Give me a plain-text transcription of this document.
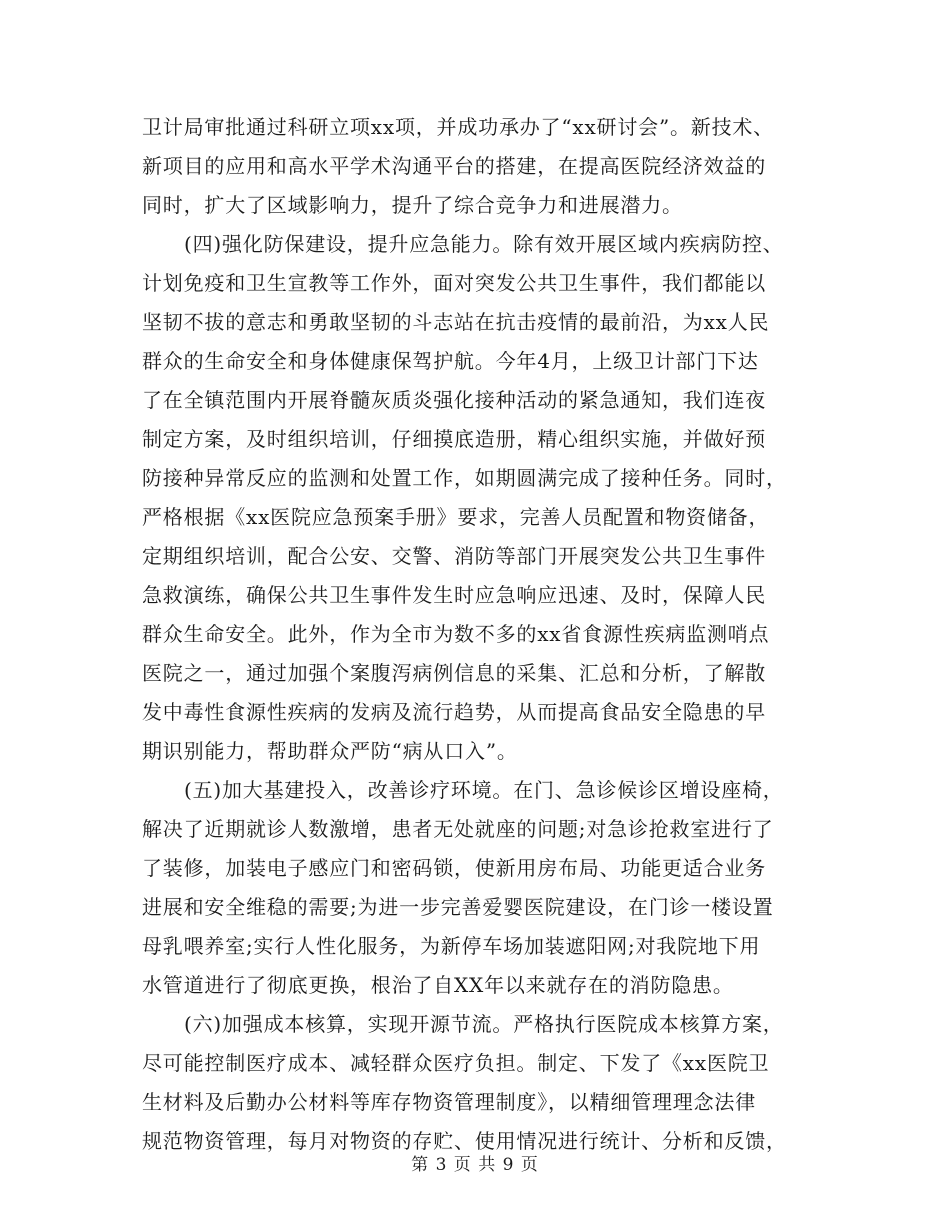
卫计局审批通过科研立项xx项，并成功承办了“xx研讨会”。新技术、
新项目的应用和高水平学术沟通平台的搭建，在提高医院经济效益的
同时，扩大了区域影响力，提升了综合竞争力和进展潜力。
(四)强化防保建设，提升应急能力。除有效开展区域内疾病防控、
计划免疫和卫生宣教等工作外，面对突发公共卫生事件，我们都能以
坚韧不拔的意志和勇敢坚韧的斗志站在抗击疫情的最前沿，为xx人民
群众的生命安全和身体健康保驾护航。今年4月，上级卫计部门下达
了在全镇范围内开展脊髓灰质炎强化接种活动的紧急通知，我们连夜
制定方案，及时组织培训，仔细摸底造册，精心组织实施，并做好预
防接种异常反应的监测和处置工作，如期圆满完成了接种任务。同时，
严格根据《xx医院应急预案手册》要求，完善人员配置和物资储备，
定期组织培训，配合公安、交警、消防等部门开展突发公共卫生事件
急救演练，确保公共卫生事件发生时应急响应迅速、及时，保障人民
群众生命安全。此外，作为全市为数不多的xx省食源性疾病监测哨点
医院之一，通过加强个案腹泻病例信息的采集、汇总和分析，了解散
发中毒性食源性疾病的发病及流行趋势，从而提高食品安全隐患的早
期识别能力，帮助群众严防“病从口入”。
(五)加大基建投入，改善诊疗环境。在门、急诊候诊区增设座椅，
解决了近期就诊人数激增，患者无处就座的问题;对急诊抢救室进行了
了装修，加装电子感应门和密码锁，使新用房布局、功能更适合业务
进展和安全维稳的需要;为进一步完善爱婴医院建设，在门诊一楼设置
母乳喂养室;实行人性化服务，为新停车场加装遮阳网;对我院地下用
水管道进行了彻底更换，根治了自XX年以来就存在的消防隐患。
(六)加强成本核算，实现开源节流。严格执行医院成本核算方案，
尽可能控制医疗成本、减轻群众医疗负担。制定、下发了《xx医院卫
生材料及后勤办公材料等库存物资管理制度》，以精细管理理念法律
规范物资管理，每月对物资的存贮、使用情况进行统计、分析和反馈，
第 3 页 共 9 页
